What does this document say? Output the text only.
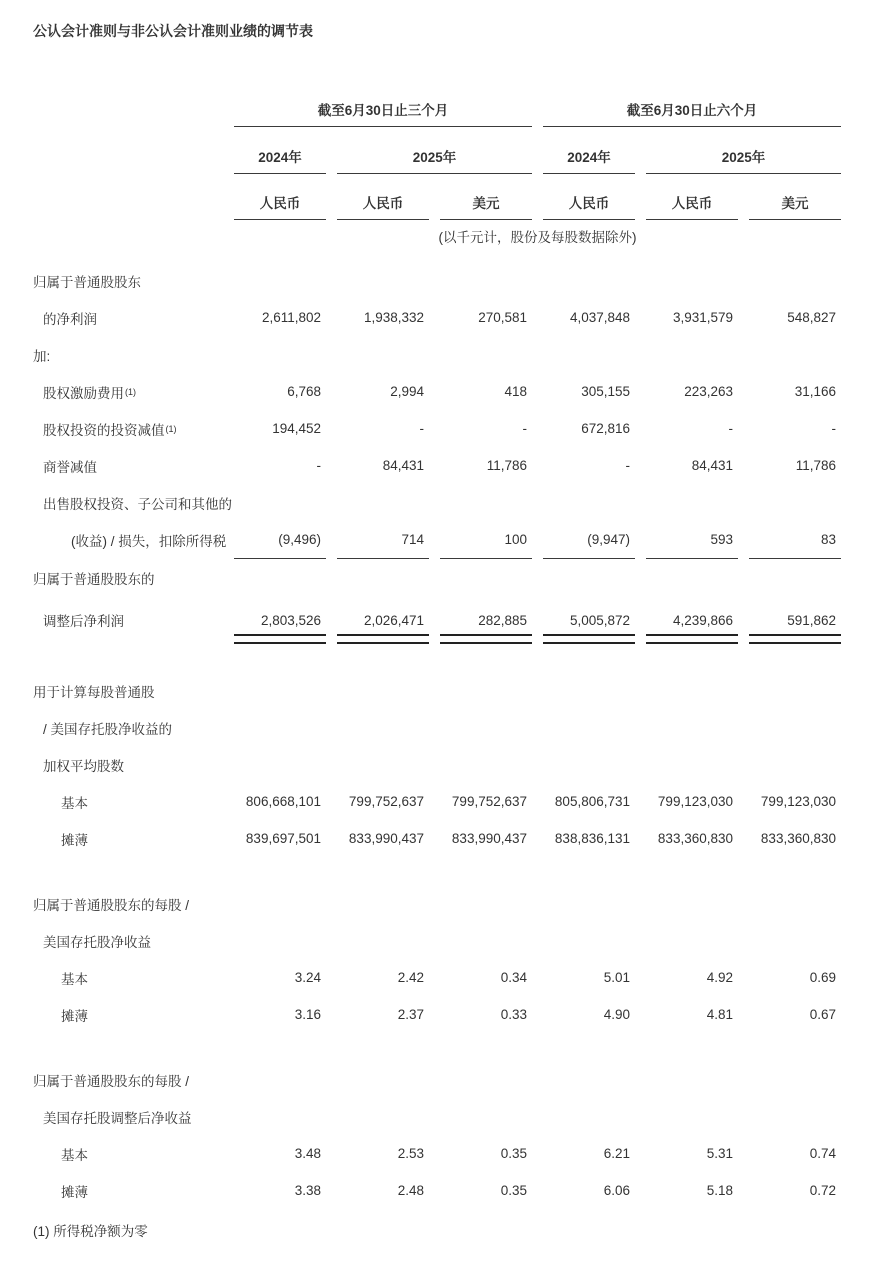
公认会计准则与非公认会计准则业绩的调节表
截至6月30日止三个月	截至6月30日止六个月
2024年	2025年	2024年	2025年
人民币	人民币	美元	人民币	人民币	美元
(以千元计，股份及每股数据除外)
归属于普通股股东
的净利润	2,611,802	1,938,332	270,581	4,037,848	3,931,579	548,827
加:
股权激励费用 (1)	6,768	2,994	418	305,155	223,263	31,166
股权投资的投资减值 (1)	194,452	-	-	672,816	-	-
商誉减值	-	84,431	11,786	-	84,431	11,786
出售股权投资、子公司和其他的
(收益) / 损失，扣除所得税	(9,496)	714	100	(9,947)	593	83
归属于普通股股东的
调整后净利润	2,803,526	2,026,471	282,885	5,005,872	4,239,866	591,862
用于计算每股普通股
/ 美国存托股净收益的
加权平均股数
基本	806,668,101	799,752,637	799,752,637	805,806,731	799,123,030	799,123,030
摊薄	839,697,501	833,990,437	833,990,437	838,836,131	833,360,830	833,360,830
归属于普通股股东的每股 /
美国存托股净收益
基本	3.24	2.42	0.34	5.01	4.92	0.69
摊薄	3.16	2.37	0.33	4.90	4.81	0.67
归属于普通股股东的每股 /
美国存托股调整后净收益
基本	3.48	2.53	0.35	6.21	5.31	0.74
摊薄	3.38	2.48	0.35	6.06	5.18	0.72
(1) 所得税净额为零
